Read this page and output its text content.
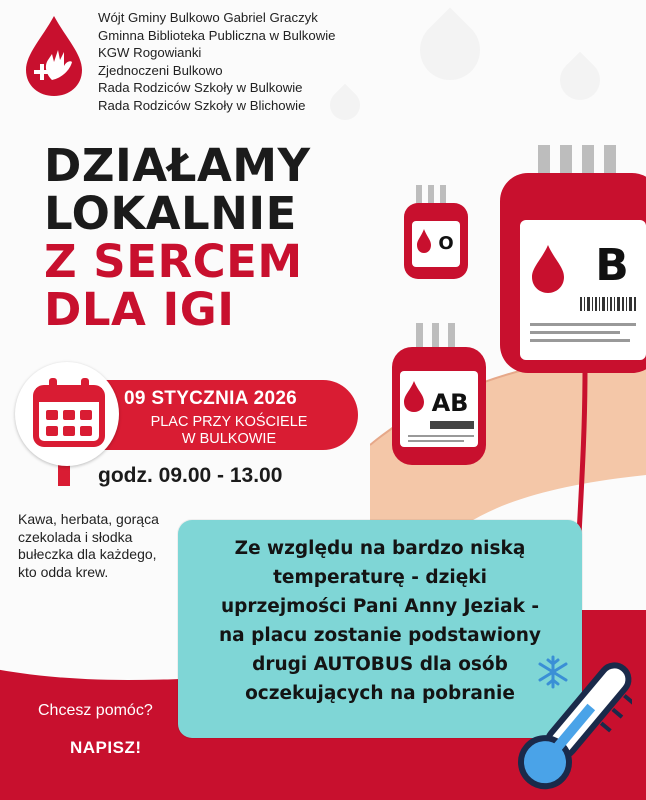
Wójt Gminy Bulkowo Gabriel Graczyk
Gminna Biblioteka Publiczna w Bulkowie
KGW Rogowianki
Zjednoczeni Bulkowo
Rada Rodziców Szkoły w Bulkowie
Rada Rodziców Szkoły w Blichowie
DZIAŁAMY
LOKALNIE
Z SERCEM
DLA IGI
09 STYCZNIA 2026
PLAC PRZY KOŚCIELE
W BULKOWIE
godz. 09.00 - 13.00
Kawa, herbata, gorąca czekolada i słodka bułeczka dla każdego, kto odda krew.
Chcesz pomóc?
NAPISZ!
B
O
AB
Ze względu na bardzo niską
temperaturę - dzięki
uprzejmości Pani Anny Jeziak -
na placu zostanie podstawiony
drugi AUTOBUS dla osób
oczekujących na pobranie
